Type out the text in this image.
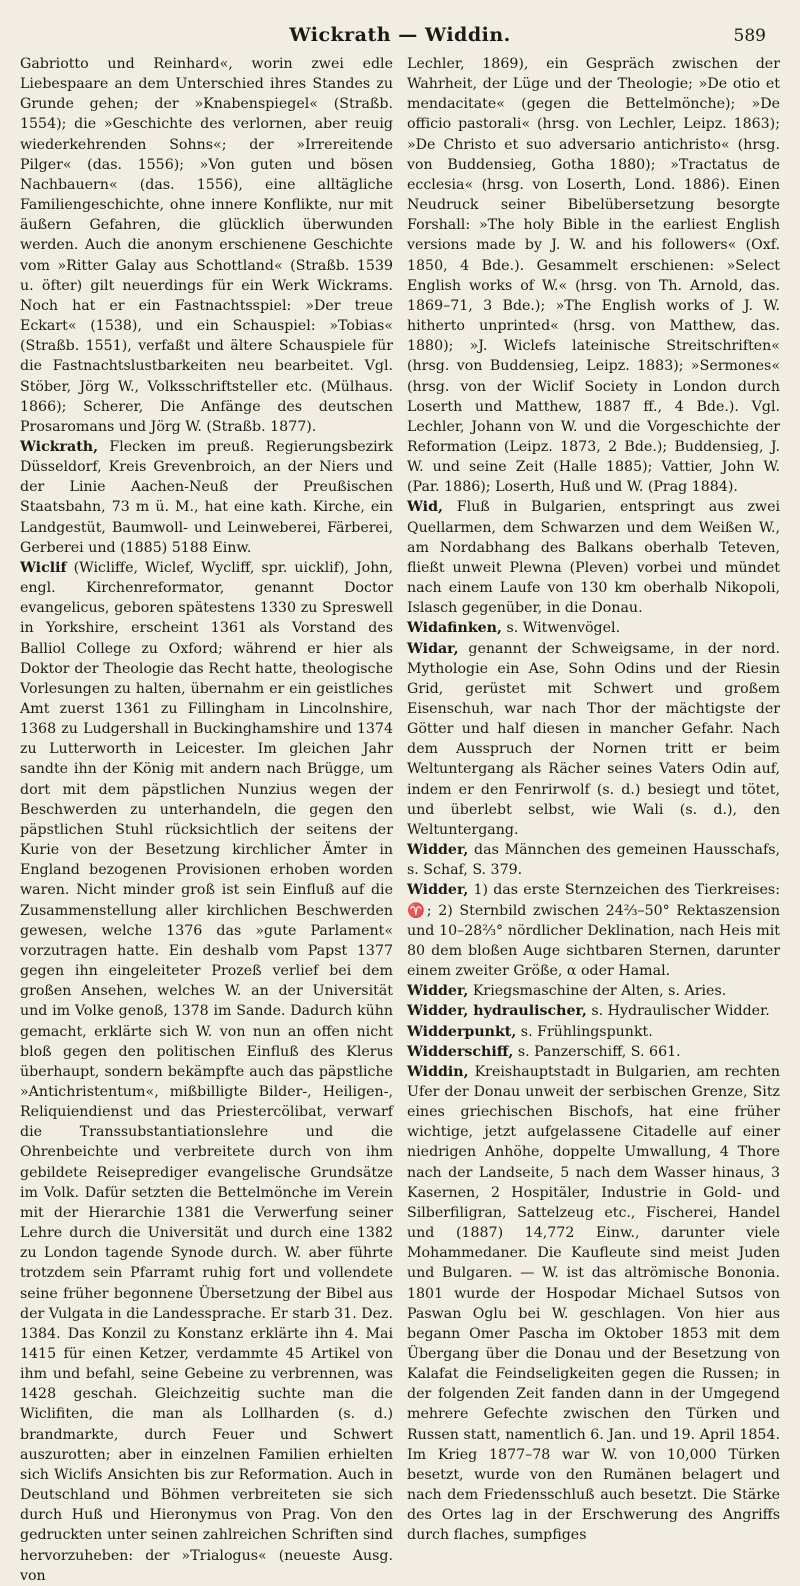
Wickrath — Widdin.	589

Gabriotto und Reinhard«, worin zwei edle Liebespaare an dem Unterschied ihres Standes zu Grunde gehen; der »Knabenspiegel« (Straßb. 1554); die »Geschichte des verlornen, aber reuig wiederkehrenden Sohns«; der »Irrereitende Pilger« (das. 1556); »Von guten und bösen Nachbauern« (das. 1556), eine alltägliche Familiengeschichte, ohne innere Konflikte, nur mit äußern Gefahren, die glücklich überwunden werden. Auch die anonym erschienene Geschichte vom »Ritter Galay aus Schottland« (Straßb. 1539 u. öfter) gilt neuerdings für ein Werk Wickrams. Noch hat er ein Fastnachtsspiel: »Der treue Eckart« (1538), und ein Schauspiel: »Tobias« (Straßb. 1551), verfaßt und ältere Schauspiele für die Fastnachtslustbarkeiten neu bearbeitet. Vgl. Stöber, Jörg W., Volksschriftsteller etc. (Mülhaus. 1866); Scherer, Die Anfänge des deutschen Prosaromans und Jörg W. (Straßb. 1877).

Wickrath, Flecken im preuß. Regierungsbezirk Düsseldorf, Kreis Grevenbroich, an der Niers und der Linie Aachen-Neuß der Preußischen Staatsbahn, 73 m ü. M., hat eine kath. Kirche, ein Landgestüt, Baumwoll- und Leinweberei, Färberei, Gerberei und (1885) 5188 Einw.

Wiclif (Wicliffe, Wiclef, Wycliff, spr. uicklif), John, engl. Kirchenreformator, genannt Doctor evangelicus, geboren spätestens 1330 zu Spreswell in Yorkshire, erscheint 1361 als Vorstand des Balliol College zu Oxford; während er hier als Doktor der Theologie das Recht hatte, theologische Vorlesungen zu halten, übernahm er ein geistliches Amt zuerst 1361 zu Fillingham in Lincolnshire, 1368 zu Ludgershall in Buckinghamshire und 1374 zu Lutterworth in Leicester. Im gleichen Jahr sandte ihn der König mit andern nach Brügge, um dort mit dem päpstlichen Nunzius wegen der Beschwerden zu unterhandeln, die gegen den päpstlichen Stuhl rücksichtlich der seitens der Kurie von der Besetzung kirchlicher Ämter in England bezogenen Provisionen erhoben worden waren. Nicht minder groß ist sein Einfluß auf die Zusammenstellung aller kirchlichen Beschwerden gewesen, welche 1376 das »gute Parlament« vorzutragen hatte. Ein deshalb vom Papst 1377 gegen ihn eingeleiteter Prozeß verlief bei dem großen Ansehen, welches W. an der Universität und im Volke genoß, 1378 im Sande. Dadurch kühn gemacht, erklärte sich W. von nun an offen nicht bloß gegen den politischen Einfluß des Klerus überhaupt, sondern bekämpfte auch das päpstliche »Antichristentum«, mißbilligte Bilder-, Heiligen-, Reliquiendienst und das Priestercölibat, verwarf die Transsubstantiationslehre und die Ohrenbeichte und verbreitete durch von ihm gebildete Reiseprediger evangelische Grundsätze im Volk. Dafür setzten die Bettelmönche im Verein mit der Hierarchie 1381 die Verwerfung seiner Lehre durch die Universität und durch eine 1382 zu London tagende Synode durch. W. aber führte trotzdem sein Pfarramt ruhig fort und vollendete seine früher begonnene Übersetzung der Bibel aus der Vulgata in die Landessprache. Er starb 31. Dez. 1384. Das Konzil zu Konstanz erklärte ihn 4. Mai 1415 für einen Ketzer, verdammte 45 Artikel von ihm und befahl, seine Gebeine zu verbrennen, was 1428 geschah. Gleichzeitig suchte man die Wiclifiten, die man als Lollharden (s. d.) brandmarkte, durch Feuer und Schwert auszurotten; aber in einzelnen Familien erhielten sich Wiclifs Ansichten bis zur Reformation. Auch in Deutschland und Böhmen verbreiteten sie sich durch Huß und Hieronymus von Prag. Von den gedruckten unter seinen zahlreichen Schriften sind hervorzuheben: der »Trialogus« (neueste Ausg. von

Lechler, 1869), ein Gespräch zwischen der Wahrheit, der Lüge und der Theologie; »De otio et mendacitate« (gegen die Bettelmönche); »De officio pastorali« (hrsg. von Lechler, Leipz. 1863); »De Christo et suo adversario antichristo« (hrsg. von Buddensieg, Gotha 1880); »Tractatus de ecclesia« (hrsg. von Loserth, Lond. 1886). Einen Neudruck seiner Bibelübersetzung besorgte Forshall: »The holy Bible in the earliest English versions made by J. W. and his followers« (Oxf. 1850, 4 Bde.). Gesammelt erschienen: »Select English works of W.« (hrsg. von Th. Arnold, das. 1869–71, 3 Bde.); »The English works of J. W. hitherto unprinted« (hrsg. von Matthew, das. 1880); »J. Wiclefs lateinische Streitschriften« (hrsg. von Buddensieg, Leipz. 1883); »Sermones« (hrsg. von der Wiclif Society in London durch Loserth und Matthew, 1887 ff., 4 Bde.). Vgl. Lechler, Johann von W. und die Vorgeschichte der Reformation (Leipz. 1873, 2 Bde.); Buddensieg, J. W. und seine Zeit (Halle 1885); Vattier, John W. (Par. 1886); Loserth, Huß und W. (Prag 1884).

Wid, Fluß in Bulgarien, entspringt aus zwei Quellarmen, dem Schwarzen und dem Weißen W., am Nordabhang des Balkans oberhalb Teteven, fließt unweit Plewna (Pleven) vorbei und mündet nach einem Laufe von 130 km oberhalb Nikopoli, Islasch gegenüber, in die Donau.

Widafinken, s. Witwenvögel.

Widar, genannt der Schweigsame, in der nord. Mythologie ein Ase, Sohn Odins und der Riesin Grid, gerüstet mit Schwert und großem Eisenschuh, war nach Thor der mächtigste der Götter und half diesen in mancher Gefahr. Nach dem Ausspruch der Nornen tritt er beim Weltuntergang als Rächer seines Vaters Odin auf, indem er den Fenrirwolf (s. d.) besiegt und tötet, und überlebt selbst, wie Wali (s. d.), den Weltuntergang.

Widder, das Männchen des gemeinen Hausschafs, s. Schaf, S. 379.

Widder, 1) das erste Sternzeichen des Tierkreises: ♈; 2) Sternbild zwischen 24⅔–50° Rektaszension und 10–28⅔° nördlicher Deklination, nach Heis mit 80 dem bloßen Auge sichtbaren Sternen, darunter einem zweiter Größe, α oder Hamal.

Widder, Kriegsmaschine der Alten, s. Aries.

Widder, hydraulischer, s. Hydraulischer Widder.

Widderpunkt, s. Frühlingspunkt.

Widderschiff, s. Panzerschiff, S. 661.

Widdin, Kreishauptstadt in Bulgarien, am rechten Ufer der Donau unweit der serbischen Grenze, Sitz eines griechischen Bischofs, hat eine früher wichtige, jetzt aufgelassene Citadelle auf einer niedrigen Anhöhe, doppelte Umwallung, 4 Thore nach der Landseite, 5 nach dem Wasser hinaus, 3 Kasernen, 2 Hospitäler, Industrie in Gold- und Silberfiligran, Sattelzeug etc., Fischerei, Handel und (1887) 14,772 Einw., darunter viele Mohammedaner. Die Kaufleute sind meist Juden und Bulgaren. — W. ist das altrömische Bononia. 1801 wurde der Hospodar Michael Sutsos von Paswan Oglu bei W. geschlagen. Von hier aus begann Omer Pascha im Oktober 1853 mit dem Übergang über die Donau und der Besetzung von Kalafat die Feindseligkeiten gegen die Russen; in der folgenden Zeit fanden dann in der Umgegend mehrere Gefechte zwischen den Türken und Russen statt, namentlich 6. Jan. und 19. April 1854. Im Krieg 1877–78 war W. von 10,000 Türken besetzt, wurde von den Rumänen belagert und nach dem Friedensschluß auch besetzt. Die Stärke des Ortes lag in der Erschwerung des Angriffs durch flaches, sumpfiges
